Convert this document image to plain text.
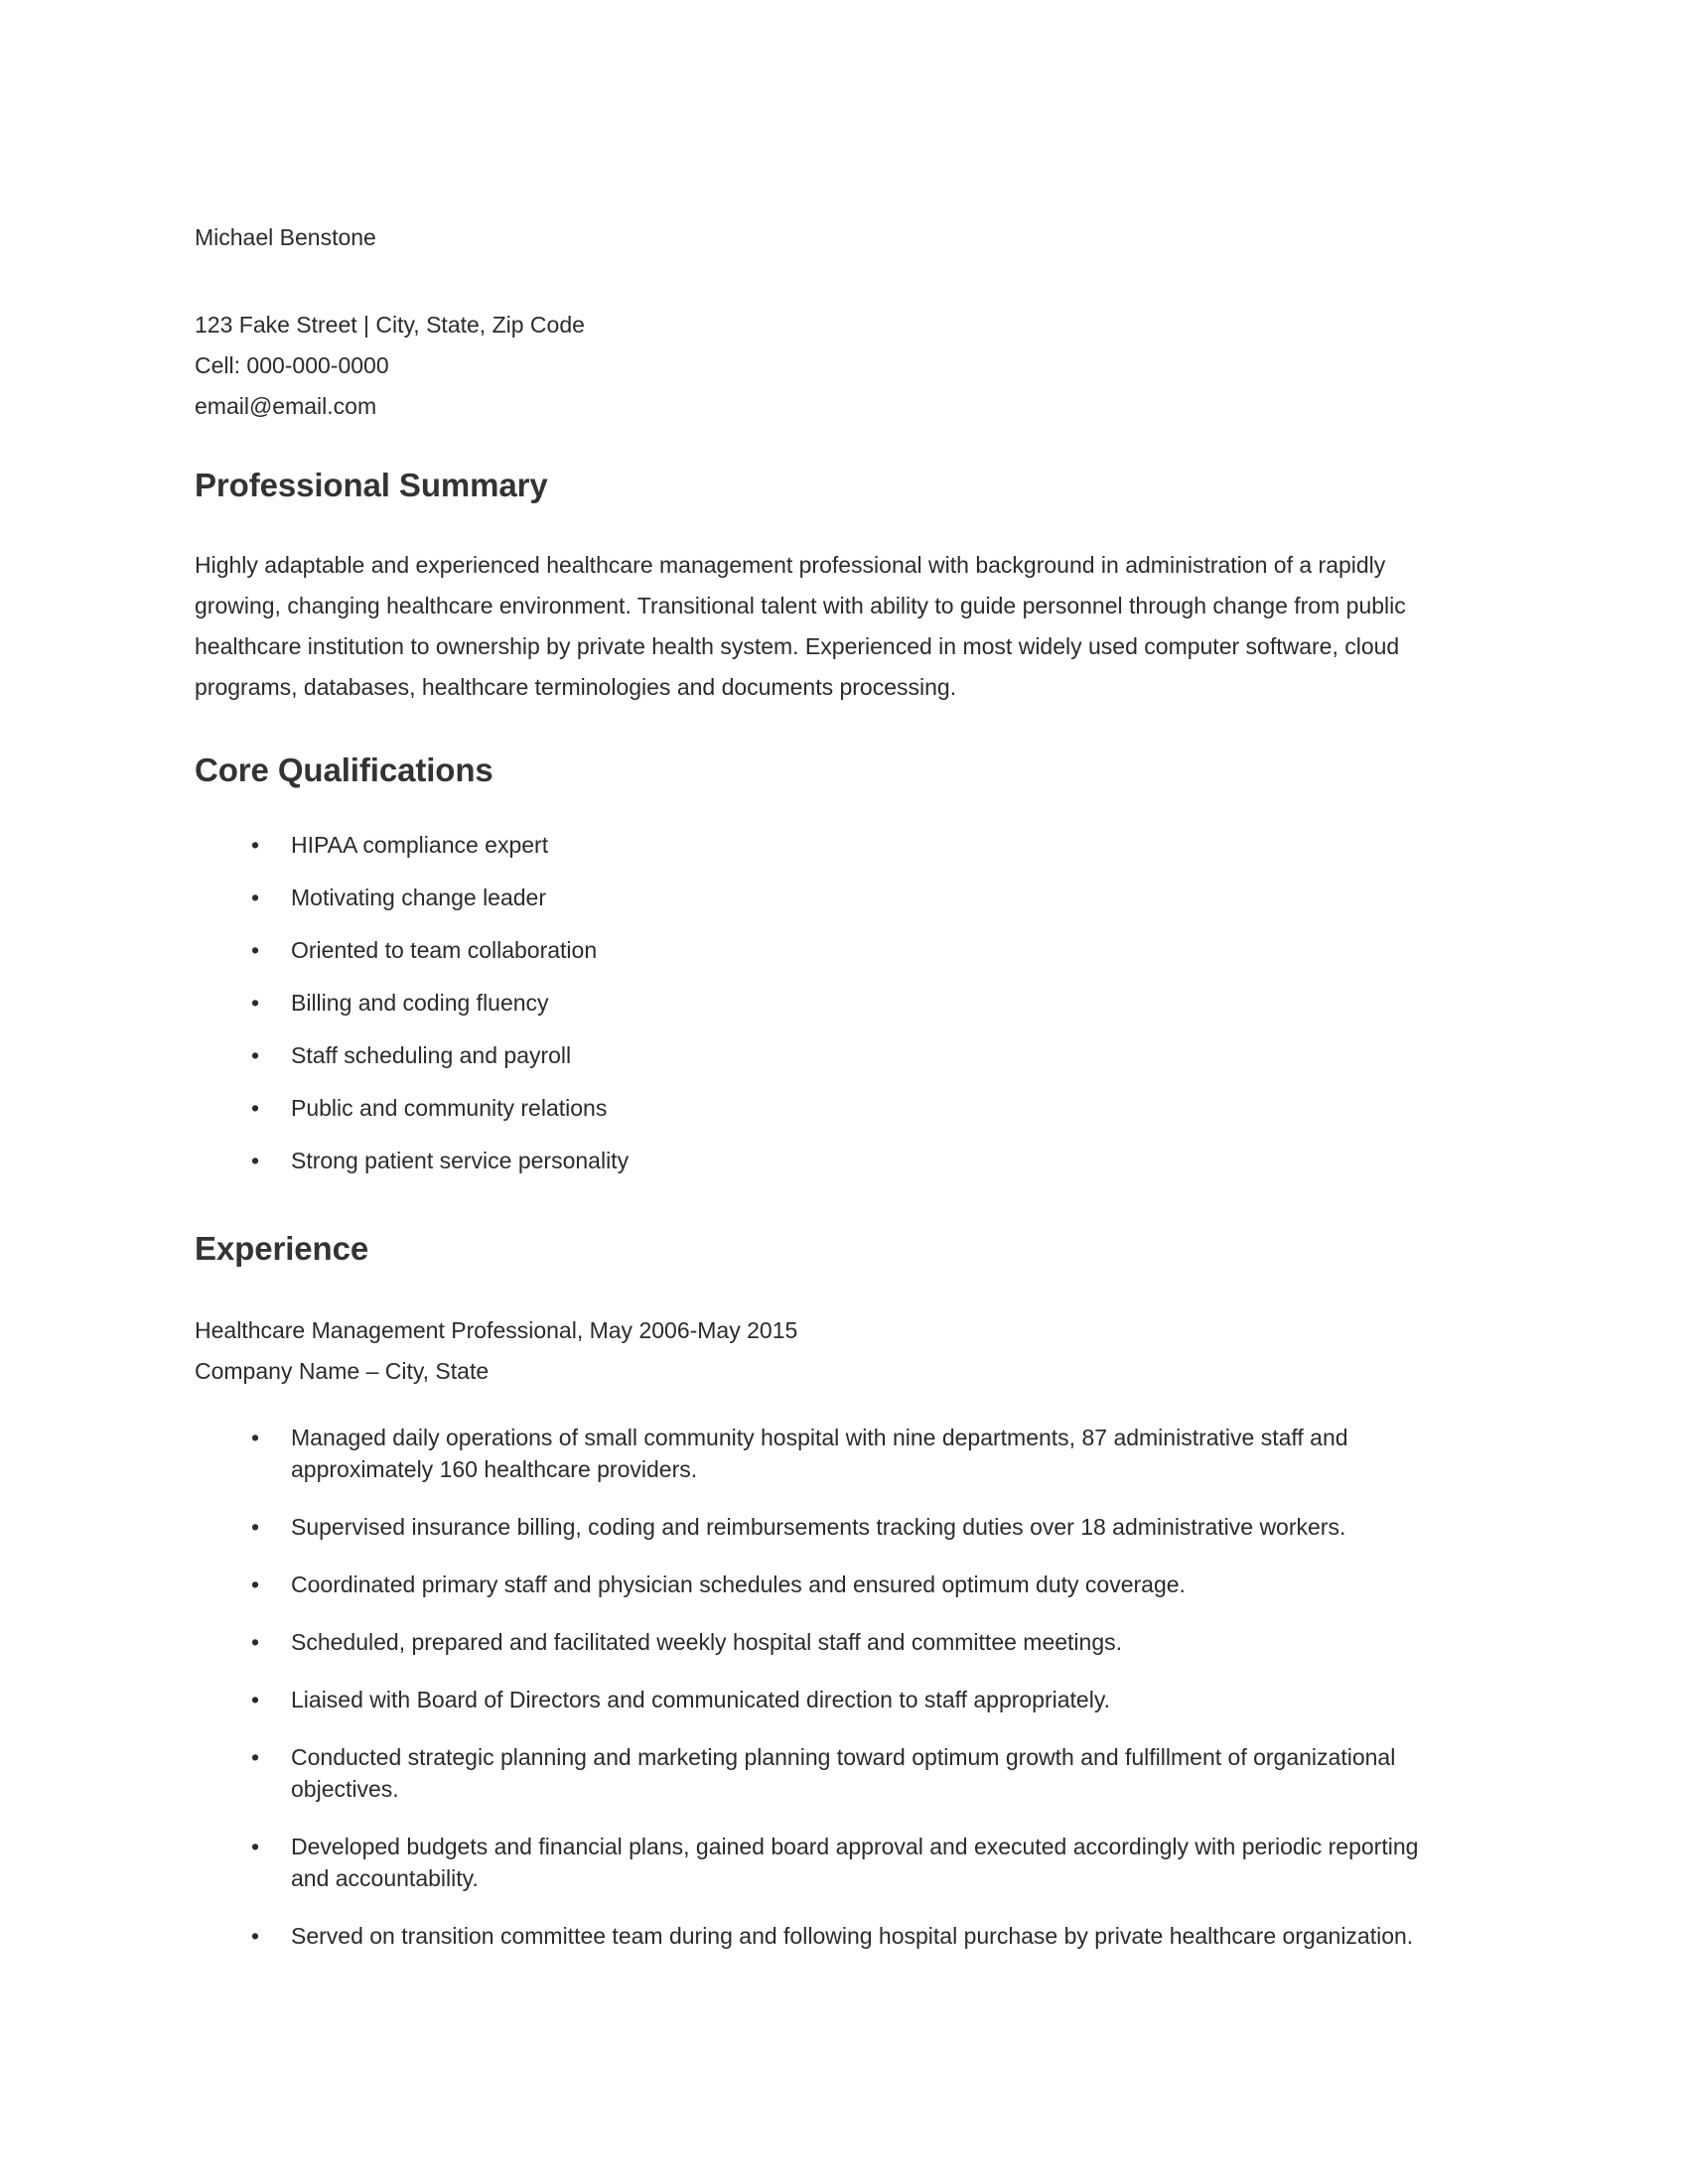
Michael Benstone

123 Fake Street | City, State, Zip Code

Cell: 000-000-0000

email@email.com

Professional Summary

Highly adaptable and experienced healthcare management professional with background in administration of a rapidly growing, changing healthcare environment. Transitional talent with ability to guide personnel through change from public healthcare institution to ownership by private health system. Experienced in most widely used computer software, cloud programs, databases, healthcare terminologies and documents processing.

Core Qualifications
• HIPAA compliance expert
• Motivating change leader
• Oriented to team collaboration
• Billing and coding fluency
• Staff scheduling and payroll
• Public and community relations
• Strong patient service personality
Experience

Healthcare Management Professional, May 2006-May 2015

Company Name – City, State

• Managed daily operations of small community hospital with nine departments, 87 administrative staff and approximately 160 healthcare providers.
• Supervised insurance billing, coding and reimbursements tracking duties over 18 administrative workers.
• Coordinated primary staff and physician schedules and ensured optimum duty coverage.
• Scheduled, prepared and facilitated weekly hospital staff and committee meetings.
• Liaised with Board of Directors and communicated direction to staff appropriately.
• Conducted strategic planning and marketing planning toward optimum growth and fulfillment of organizational objectives.
• Developed budgets and financial plans, gained board approval and executed accordingly with periodic reporting and accountability.
• Served on transition committee team during and following hospital purchase by private healthcare organization.
